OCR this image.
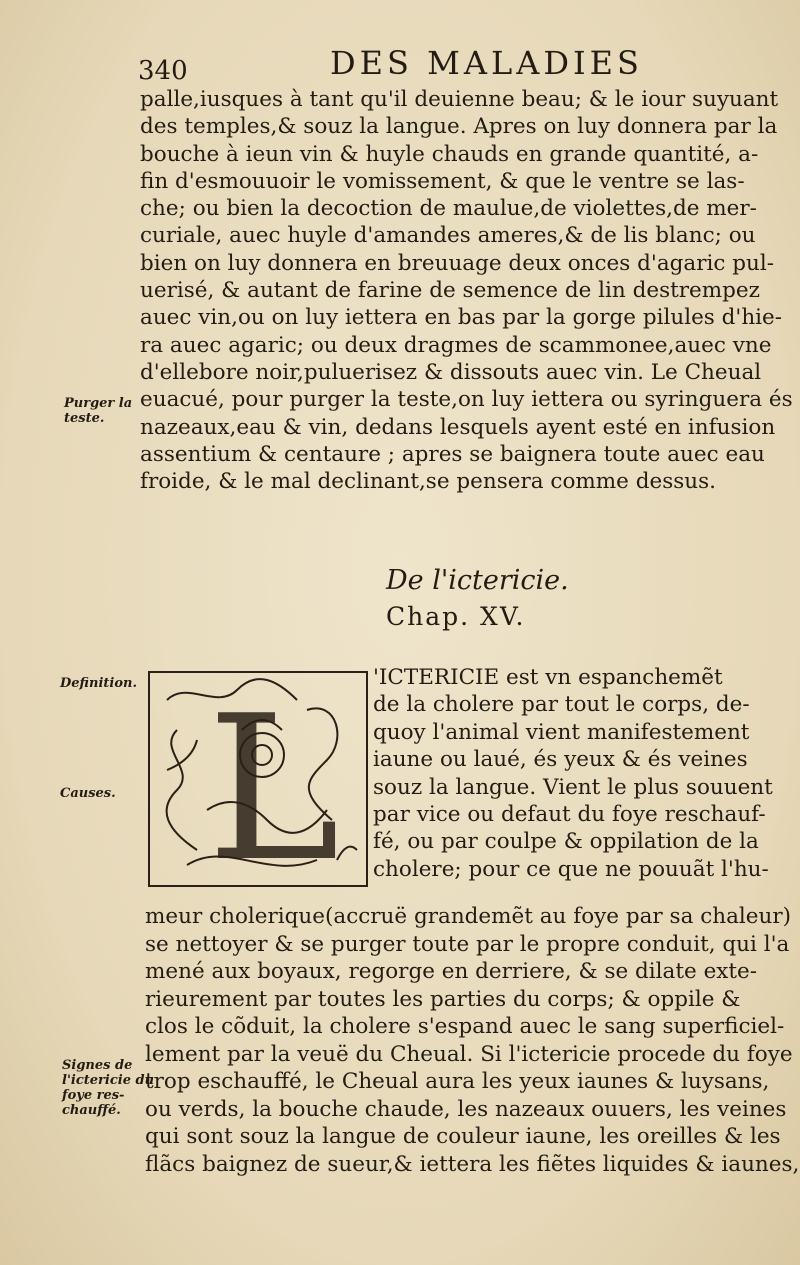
340	DES MALADIES
palle,iusques à tant qu'il deuienne beau; & le iour suyuant
des temples,& souz la langue. Apres on luy donnera par la
bouche à ieun vin & huyle chauds en grande quantité, a-
fin d'esmouuoir le vomissement, & que le ventre se las-
che; ou bien la decoction de maulue,de violettes,de mer-
curiale, auec huyle d'amandes ameres,& de lis blanc; ou
bien on luy donnera en breuuage deux onces d'agaric pul-
uerisé, & autant de farine de semence de lin destrempez
auec vin,ou on luy iettera en bas par la gorge pilules d'hie-
ra auec agaric; ou deux dragmes de scammonee,auec vne
d'ellebore noir,puluerisez & dissouts auec vin. Le Cheual
euacué, pour purger la teste,on luy iettera ou syringuera és
nazeaux,eau & vin, dedans lesquels ayent esté en infusion
assentium & centaure ; apres se baignera toute auec eau
froide, & le mal declinant,se pensera comme dessus.
Purger la
teste.
De l'ictericie.
Chap. XV.
Definition.
Causes. L 'ICTERICIE est vn espanchemẽt
de la cholere par tout le corps, de-
quoy l'animal vient manifestement
iaune ou laué, és yeux & és veines
souz la langue. Vient le plus souuent
par vice ou defaut du foye reschauf-
fé, ou par coulpe & oppilation de la
cholere; pour ce que ne pouuãt l'hu-
meur cholerique(accruë grandemẽt au foye par sa chaleur)
se nettoyer & se purger toute par le propre conduit, qui l'a
mené aux boyaux, regorge en derriere, & se dilate exte-
rieurement par toutes les parties du corps; & oppile &
clos le cõduit, la cholere s'espand auec le sang superficiel-
lement par la veuë du Cheual. Si l'ictericie procede du foye
trop eschauffé, le Cheual aura les yeux iaunes & luysans,
ou verds, la bouche chaude, les nazeaux ouuers, les veines
qui sont souz la langue de couleur iaune, les oreilles & les
flãcs baignez de sueur,& iettera les fiẽtes liquides & iaunes,
Signes de
l'ictericie du
foye res-
chauffé.
